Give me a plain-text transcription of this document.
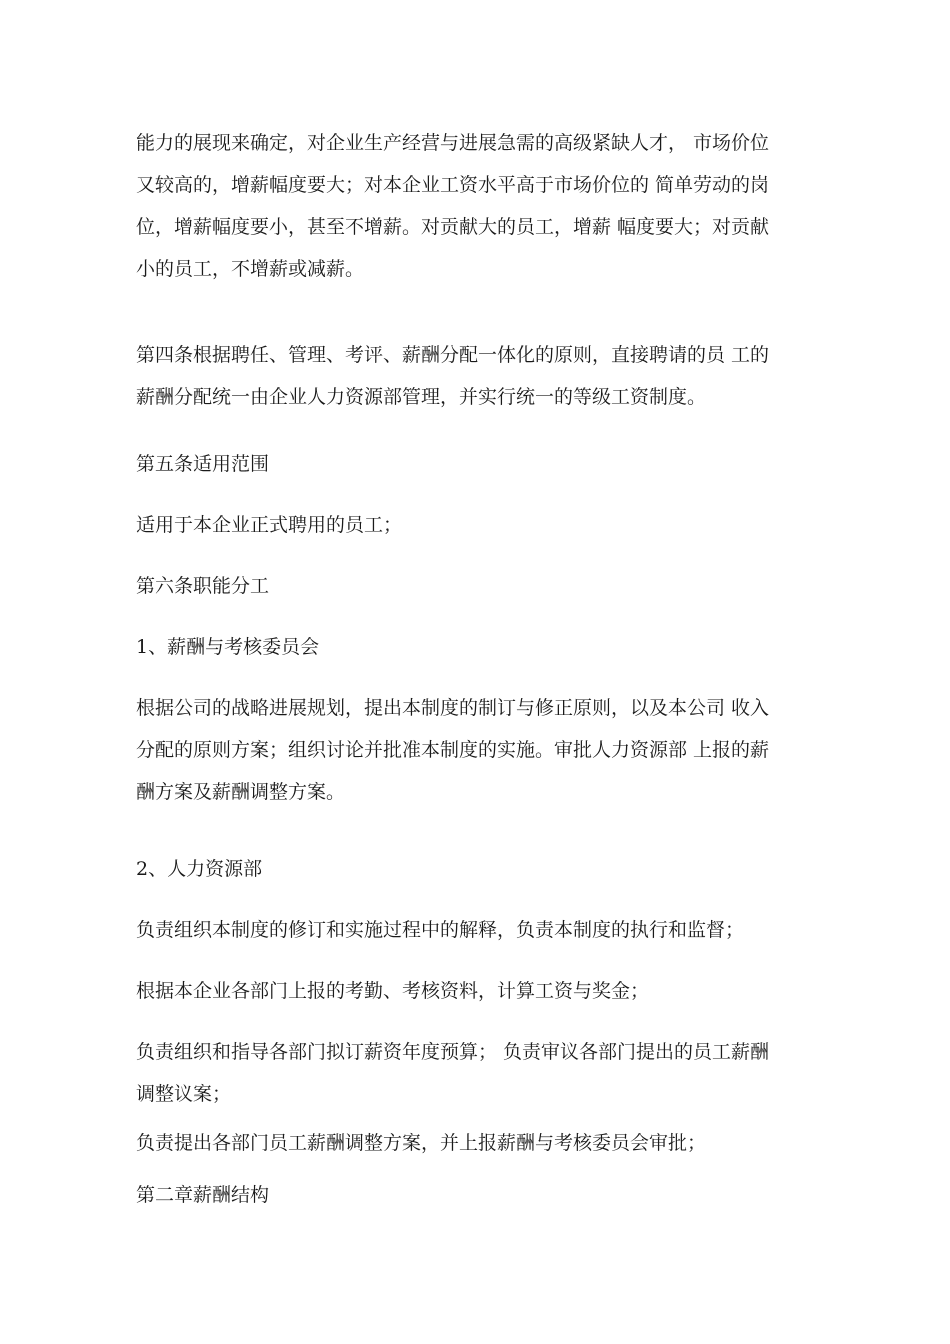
能力的展现来确定，对企业生产经营与进展急需的高级紧缺人才， 市场价位
又较高的，增薪幅度要大；对本企业工资水平高于市场价位的 简单劳动的岗
位，增薪幅度要小，甚至不增薪。对贡献大的员工，增薪 幅度要大；对贡献
小的员工，不增薪或减薪。
第四条根据聘任、管理、考评、薪酬分配一体化的原则，直接聘请的员 工的
薪酬分配统一由企业人力资源部管理，并实行统一的等级工资制度。
第五条适用范围
适用于本企业正式聘用的员工；
第六条职能分工
1、薪酬与考核委员会
根据公司的战略进展规划，提出本制度的制订与修正原则，以及本公司 收入
分配的原则方案；组织讨论并批准本制度的实施。审批人力资源部 上报的薪
酬方案及薪酬调整方案。
2、人力资源部
负责组织本制度的修订和实施过程中的解释，负责本制度的执行和监督；
根据本企业各部门上报的考勤、考核资料，计算工资与奖金；
负责组织和指导各部门拟订薪资年度预算； 负责审议各部门提出的员工薪酬
调整议案；
负责提出各部门员工薪酬调整方案，并上报薪酬与考核委员会审批；
第二章薪酬结构
